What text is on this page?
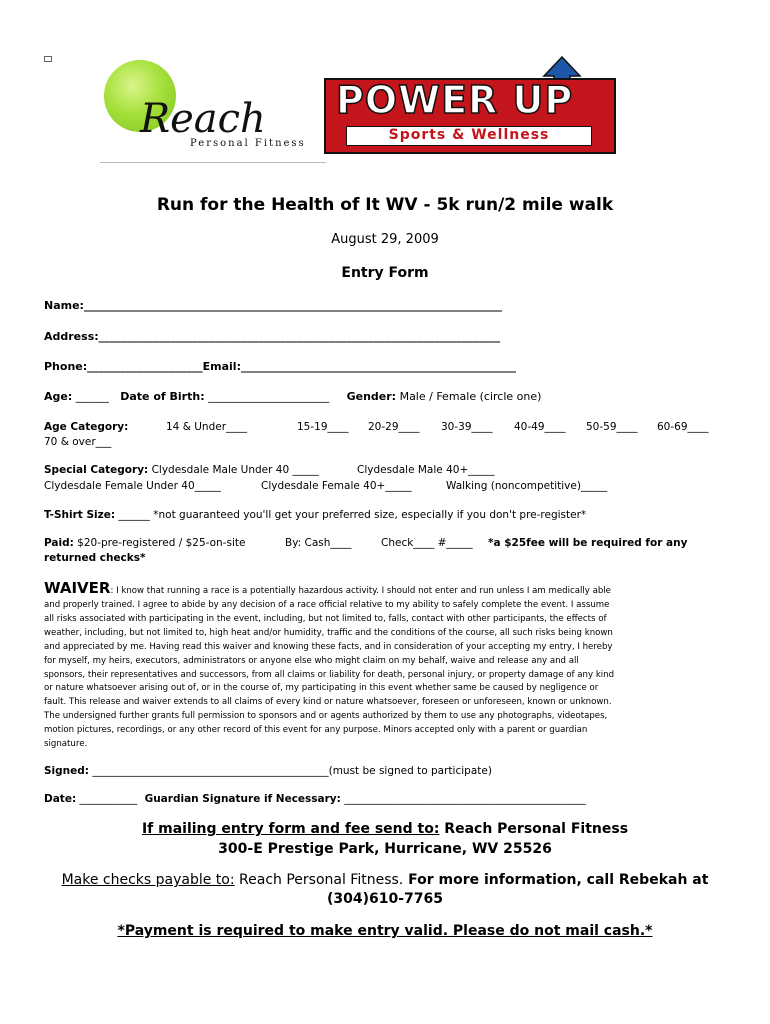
Reach
Personal Fitness
POWER UP
Sports & Wellness
Run for the Health of It WV - 5k run/2 mile walk
August 29, 2009
Entry Form
Name:____________________________________________________________________________
Address:_________________________________________________________________________
Phone:_____________________Email:__________________________________________________
Age: ______ Date of Birth: ______________________ Gender: Male / Female (circle one)
Age Category:	14 & Under____	15-19____ 20-29____ 30-39____ 40-49____ 50-59____ 60-69____
70 & over___
Special Category: Clydesdale Male Under 40 _____	Clydesdale Male 40+_____
Clydesdale Female Under 40_____	Clydesdale Female 40+_____	Walking (noncompetitive)_____
T-Shirt Size: ______ *not guaranteed you'll get your preferred size, especially if you don't pre-register*
Paid: $20-pre-registered / $25-on-site	By: Cash____	Check____ #_____ *a $25fee will be required for any
returned checks*
WAIVER: I know that running a race is a potentially hazardous activity. I should not enter and run unless I am medically able
and properly trained. I agree to abide by any decision of a race official relative to my ability to safely complete the event. I assume
all risks associated with participating in the event, including, but not limited to, falls, contact with other participants, the effects of
weather, including, but not limited to, high heat and/or humidity, traffic and the conditions of the course, all such risks being known
and appreciated by me. Having read this waiver and knowing these facts, and in consideration of your accepting my entry, I hereby
for myself, my heirs, executors, administrators or anyone else who might claim on my behalf, waive and release any and all
sponsors, their representatives and successors, from all claims or liability for death, personal injury, or property damage of any kind
or nature whatsoever arising out of, or in the course of, my participating in this event whether same be caused by negligence or
fault. This release and waiver extends to all claims of every kind or nature whatsoever, foreseen or unforeseen, known or unknown.
The undersigned further grants full permission to sponsors and or agents authorized by them to use any photographs, videotapes,
motion pictures, recordings, or any other record of this event for any purpose. Minors accepted only with a parent or guardian
signature.
Signed: _____________________________________________(must be signed to participate)
Date: ___________ Guardian Signature if Necessary: ______________________________________________
If mailing entry form and fee send to: Reach Personal Fitness
300-E Prestige Park, Hurricane, WV 25526
Make checks payable to: Reach Personal Fitness. For more information, call Rebekah at
(304)610-7765
*Payment is required to make entry valid. Please do not mail cash.*
